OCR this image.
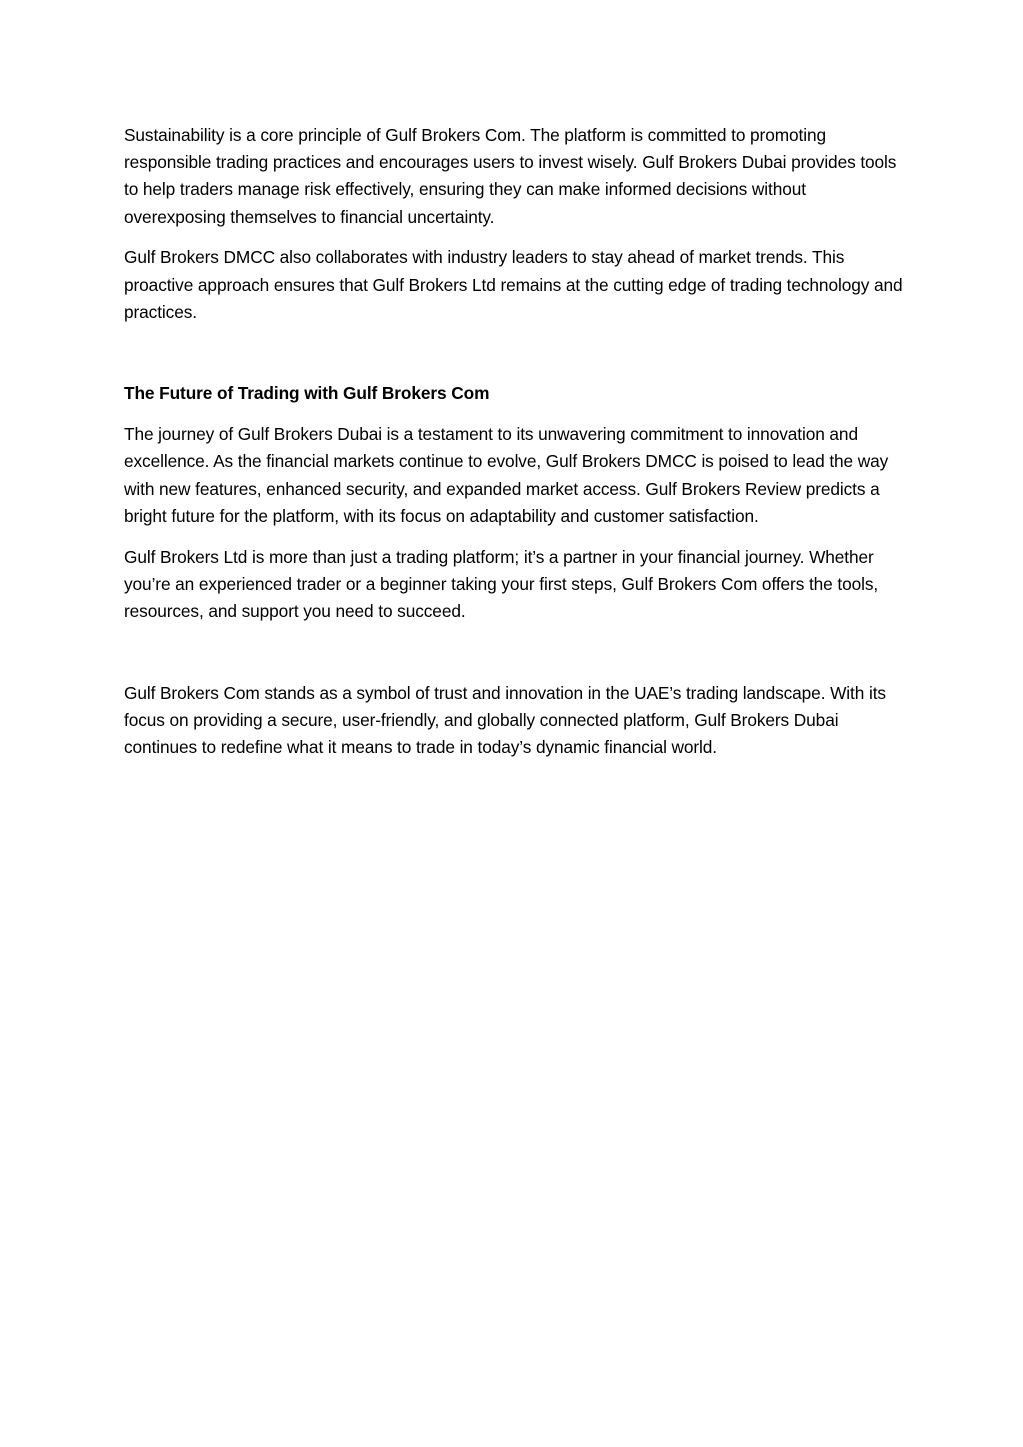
Sustainability is a core principle of Gulf Brokers Com. The platform is committed to promoting responsible trading practices and encourages users to invest wisely. Gulf Brokers Dubai provides tools to help traders manage risk effectively, ensuring they can make informed decisions without overexposing themselves to financial uncertainty.

Gulf Brokers DMCC also collaborates with industry leaders to stay ahead of market trends. This proactive approach ensures that Gulf Brokers Ltd remains at the cutting edge of trading technology and practices.

The Future of Trading with Gulf Brokers Com

The journey of Gulf Brokers Dubai is a testament to its unwavering commitment to innovation and excellence. As the financial markets continue to evolve, Gulf Brokers DMCC is poised to lead the way with new features, enhanced security, and expanded market access. Gulf Brokers Review predicts a bright future for the platform, with its focus on adaptability and customer satisfaction.

Gulf Brokers Ltd is more than just a trading platform; it’s a partner in your financial journey. Whether you’re an experienced trader or a beginner taking your first steps, Gulf Brokers Com offers the tools, resources, and support you need to succeed.

Gulf Brokers Com stands as a symbol of trust and innovation in the UAE’s trading landscape. With its focus on providing a secure, user-friendly, and globally connected platform, Gulf Brokers Dubai continues to redefine what it means to trade in today’s dynamic financial world.
